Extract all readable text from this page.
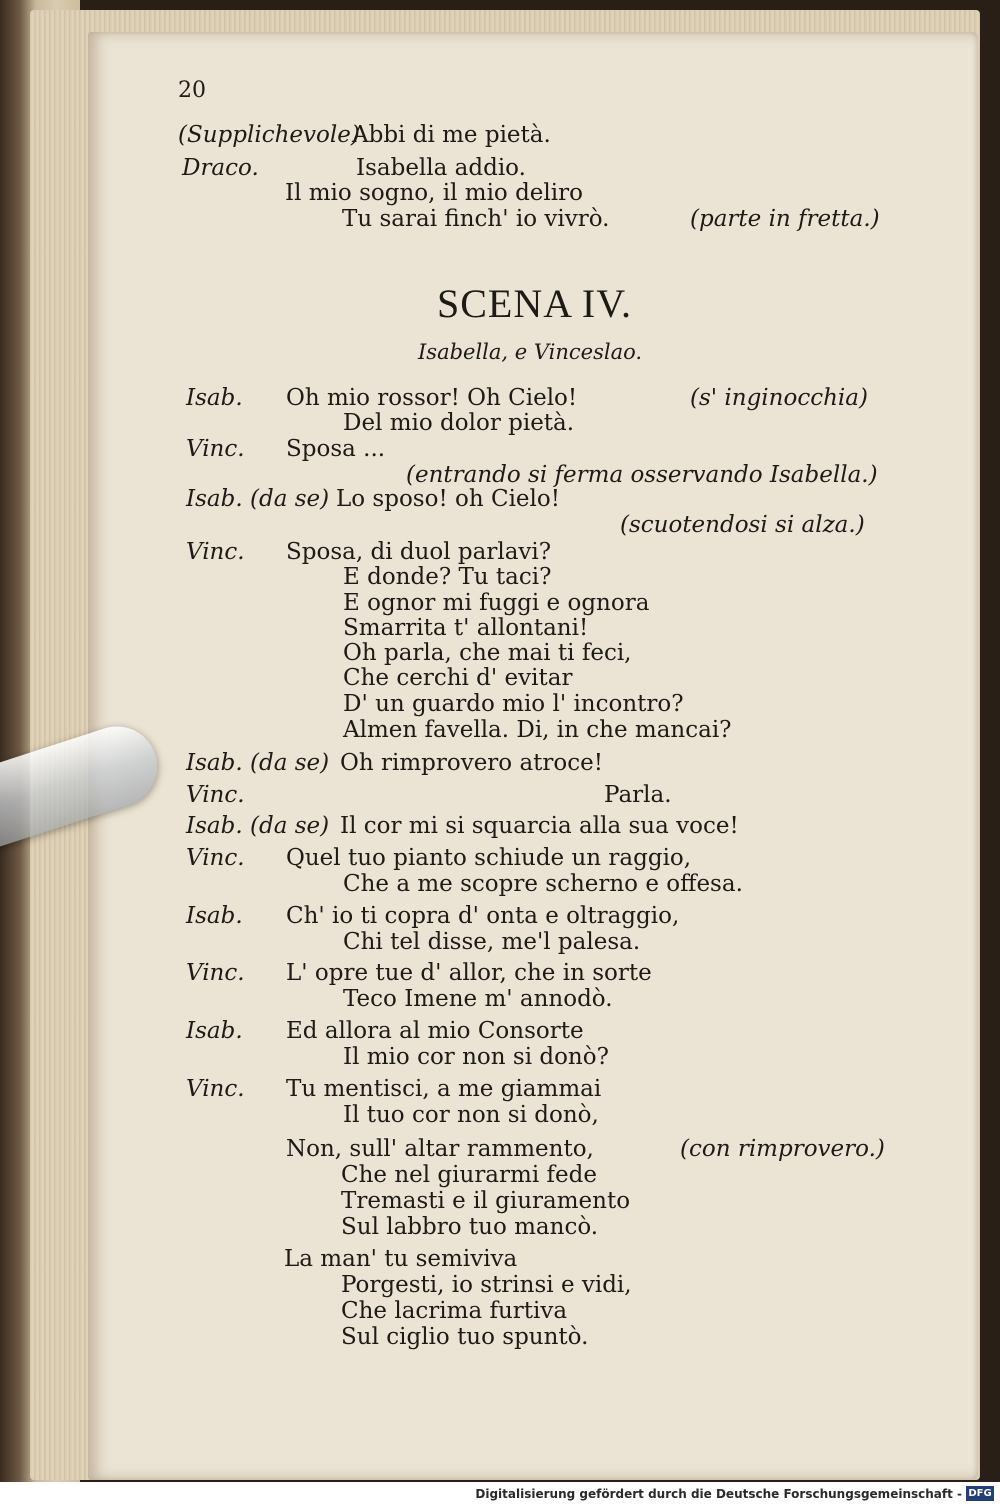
20
(Supplichevole)
Abbi di me pietà.
Draco.	Isabella addio.
Il mio sogno, il mio deliro
Tu sarai finch' io vivrò.	(parte in fretta.)
SCENA IV.
Isabella, e Vinceslao.
Isab. Oh mio rossor! Oh Cielo!	(s' inginocchia)
Del mio dolor pietà.
Vinc. Sposa ...
(entrando si ferma osservando Isabella.)
Isab. (da se) Lo sposo! oh Cielo!
(scuotendosi si alza.)
Vinc. Sposa, di duol parlavi?
E donde? Tu taci?
E ognor mi fuggi e ognora
Smarrita t' allontani!
Oh parla, che mai ti feci,
Che cerchi d' evitar
D' un guardo mio l' incontro?
Almen favella. Di, in che mancai?
Isab. (da se) Oh rimprovero atroce!
Vinc.	Parla.
Isab. (da se) Il cor mi si squarcia alla sua voce!
Vinc. Quel tuo pianto schiude un raggio,
Che a me scopre scherno e offesa.
Isab. Ch' io ti copra d' onta e oltraggio,
Chi tel disse, me'l palesa.
Vinc. L' opre tue d' allor, che in sorte
Teco Imene m' annodò.
Isab. Ed allora al mio Consorte
Il mio cor non si donò?
Vinc. Tu mentisci, a me giammai
Il tuo cor non si donò,
Non, sull' altar rammento,	(con rimprovero.)
Che nel giurarmi fede
Tremasti e il giuramento
Sul labbro tuo mancò.
La man' tu semiviva
Porgesti, io strinsi e vidi,
Che lacrima furtiva
Sul ciglio tuo spuntò.
Digitalisierung gefördert durch die Deutsche Forschungsgemeinschaft - DFG
